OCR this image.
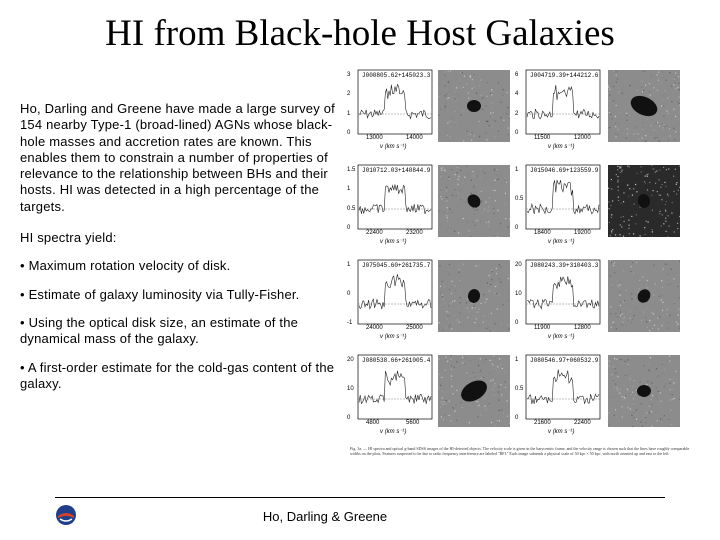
HI from Black-hole Host Galaxies

Ho, Darling and Greene have made a large survey of 154 nearby Type-1 (broad-lined) AGNs whose black-hole masses and accretion rates are known. This enables them to constrain a number of properties of relevance to the relationship between BHs and their hosts. HI was detected in a high percentage of the targets.

HI spectra yield:

• Maximum rotation velocity of disk.

• Estimate of galaxy luminosity via Tully-Fisher.

• Using the optical disk size, an estimate of the dynamical mass of the galaxy.

• A first-order estimate for the cold-gas content of the galaxy.

J000805.62+145023.3
3
2
1
0
13000	14000
v (km s⁻¹)
J004719.39+144212.6
6
4
2
0
11500	12000
v (km s⁻¹)
J010712.03+140844.9
1.5
1
0.5
0
22400	23200
v (km s⁻¹)
J015046.69+123559.9
1
0.5
0
18400	19200
v (km s⁻¹)
J075045.60+261735.7
1
0
-1
24000	25000
v (km s⁻¹)
J080243.39+310403.3
20
10
0
11900	12800
v (km s⁻¹)
J080538.66+261005.4
20
10
0
4800	5600
v (km s⁻¹)
J080546.97+060532.9
1
0.5
0
21600	22400
v (km s⁻¹)
Fig. 3a. — HI spectra and optical g-band SDSS images of the HI-detected objects. The velocity scale is given in the barycentric frame, and the velocity range is chosen such that the lines have roughly comparable widths on the plots. Features suspected to be due to radio frequency interference are labeled "RFI." Each image subtends a physical scale of 50 kpc × 50 kpc, with north oriented up and east to the left.
Ho, Darling & Greene
